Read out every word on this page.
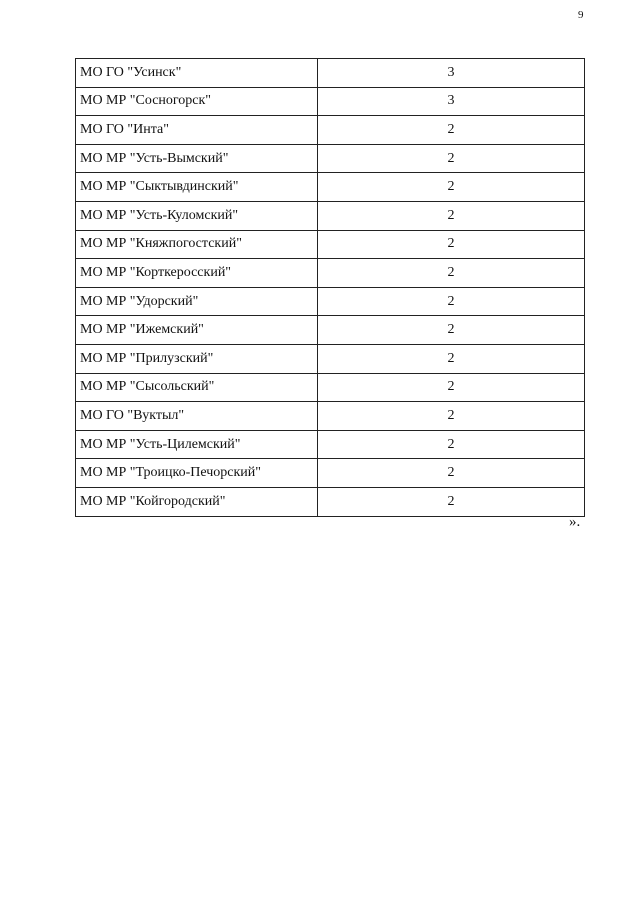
9
МО ГО "Усинск"	3
МО МР "Сосногорск"	3
МО ГО "Инта"	2
МО МР "Усть-Вымский"	2
МО МР "Сыктывдинский"	2
МО МР "Усть-Куломский"	2
МО МР "Княжпогостский"	2
МО МР "Корткеросский"	2
МО МР "Удорский"	2
МО МР "Ижемский"	2
МО МР "Прилузский"	2
МО МР "Сысольский"	2
МО ГО "Вуктыл"	2
МО МР "Усть-Цилемский"	2
МО МР "Троицко-Печорский"	2
МО МР "Койгородский"	2
».
